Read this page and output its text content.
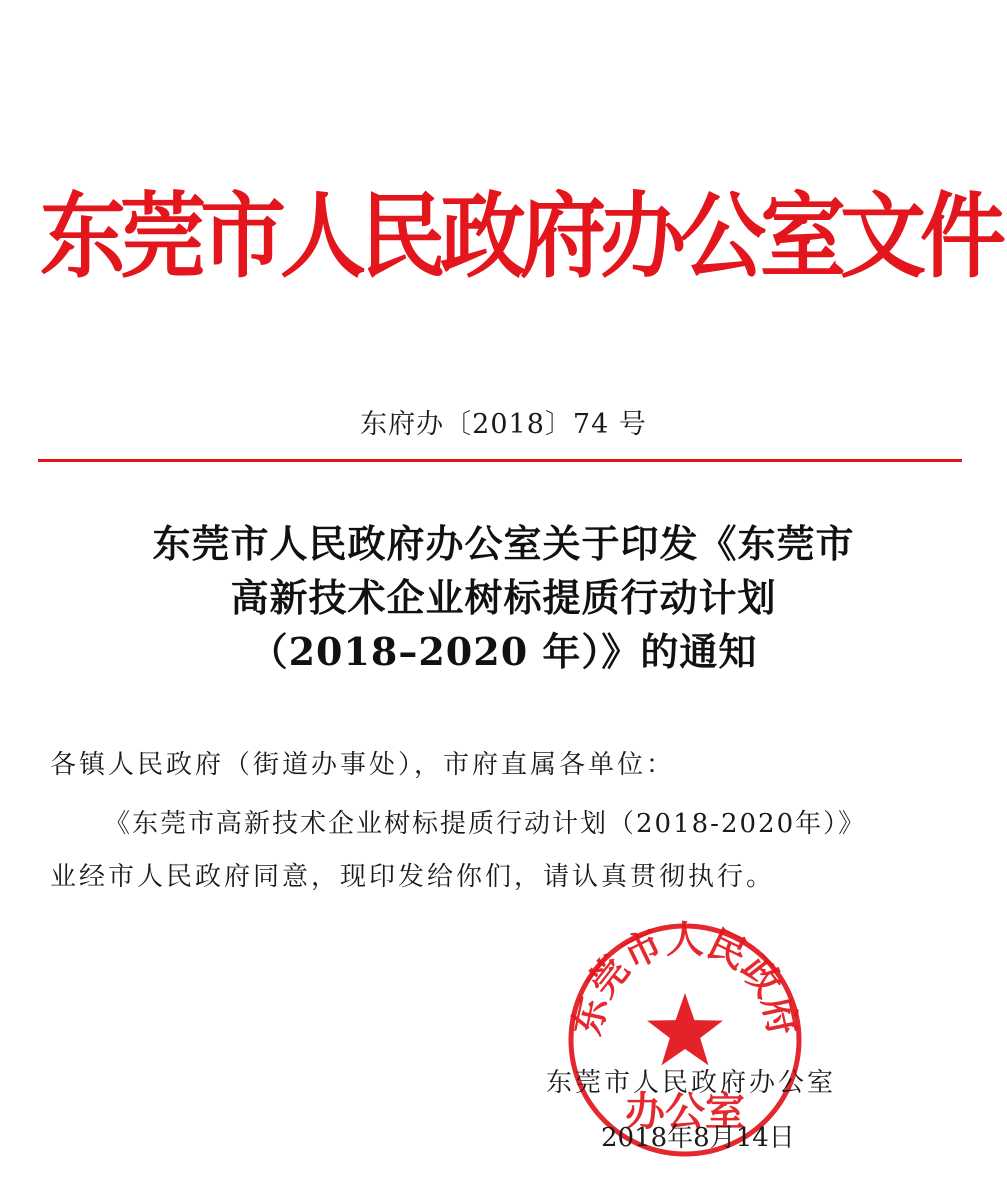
东莞市人民政府办公室文件
东府办〔2018〕74 号
东莞市人民政府办公室关于印发《东莞市
高新技术企业树标提质行动计划
（2018–2020 年）》的通知
各镇人民政府（街道办事处），市府直属各单位：
《东莞市高新技术企业树标提质行动计划（2018-2020年）》
业经市人民政府同意，现印发给你们，请认真贯彻执行。
东莞市人民政府
办公室
东莞市人民政府办公室
2018年8月14日
